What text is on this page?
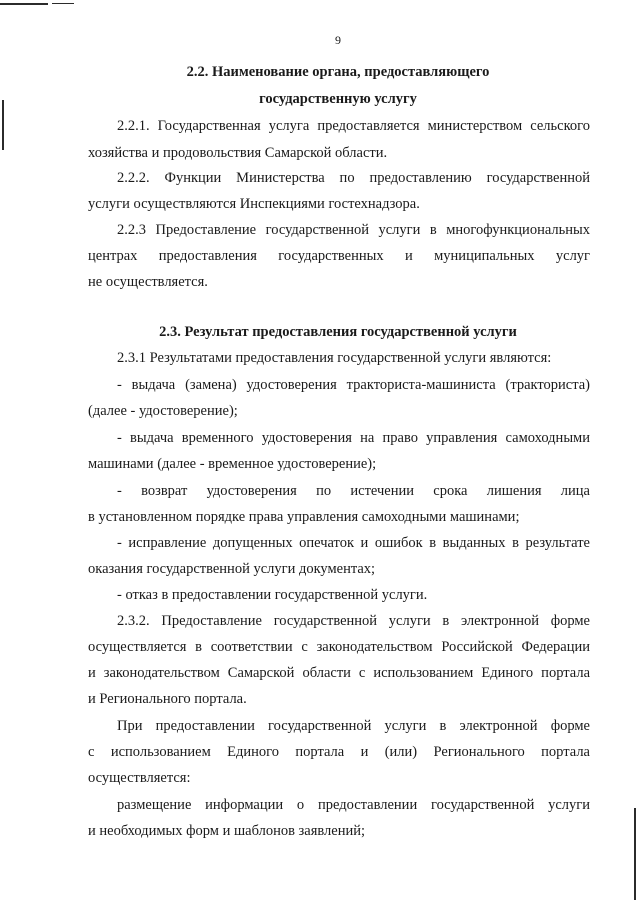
9
2.2. Наименование органа, предоставляющего
государственную услугу
2.2.1. Государственная услуга предоставляется министерством сельского
хозяйства и продовольствия Самарской области.
2.2.2. Функции Министерства по предоставлению государственной
услуги осуществляются Инспекциями гостехнадзора.
2.2.3 Предоставление государственной услуги в многофункциональных
центрах предоставления государственных и муниципальных услуг
не осуществляется.
2.3. Результат предоставления государственной услуги
2.3.1 Результатами предоставления государственной услуги являются:
- выдача (замена) удостоверения тракториста-машиниста (тракториста)
(далее - удостоверение);
- выдача временного удостоверения на право управления самоходными
машинами (далее - временное удостоверение);
- возврат удостоверения по истечении срока лишения лица
в установленном порядке права управления самоходными машинами;
- исправление допущенных опечаток и ошибок в выданных в результате
оказания государственной услуги документах;
- отказ в предоставлении государственной услуги.
2.3.2. Предоставление государственной услуги в электронной форме
осуществляется в соответствии с законодательством Российской Федерации
и законодательством Самарской области с использованием Единого портала
и Регионального портала.
При предоставлении государственной услуги в электронной форме
с использованием Единого портала и (или) Регионального портала
осуществляется:
размещение информации о предоставлении государственной услуги
и необходимых форм и шаблонов заявлений;
